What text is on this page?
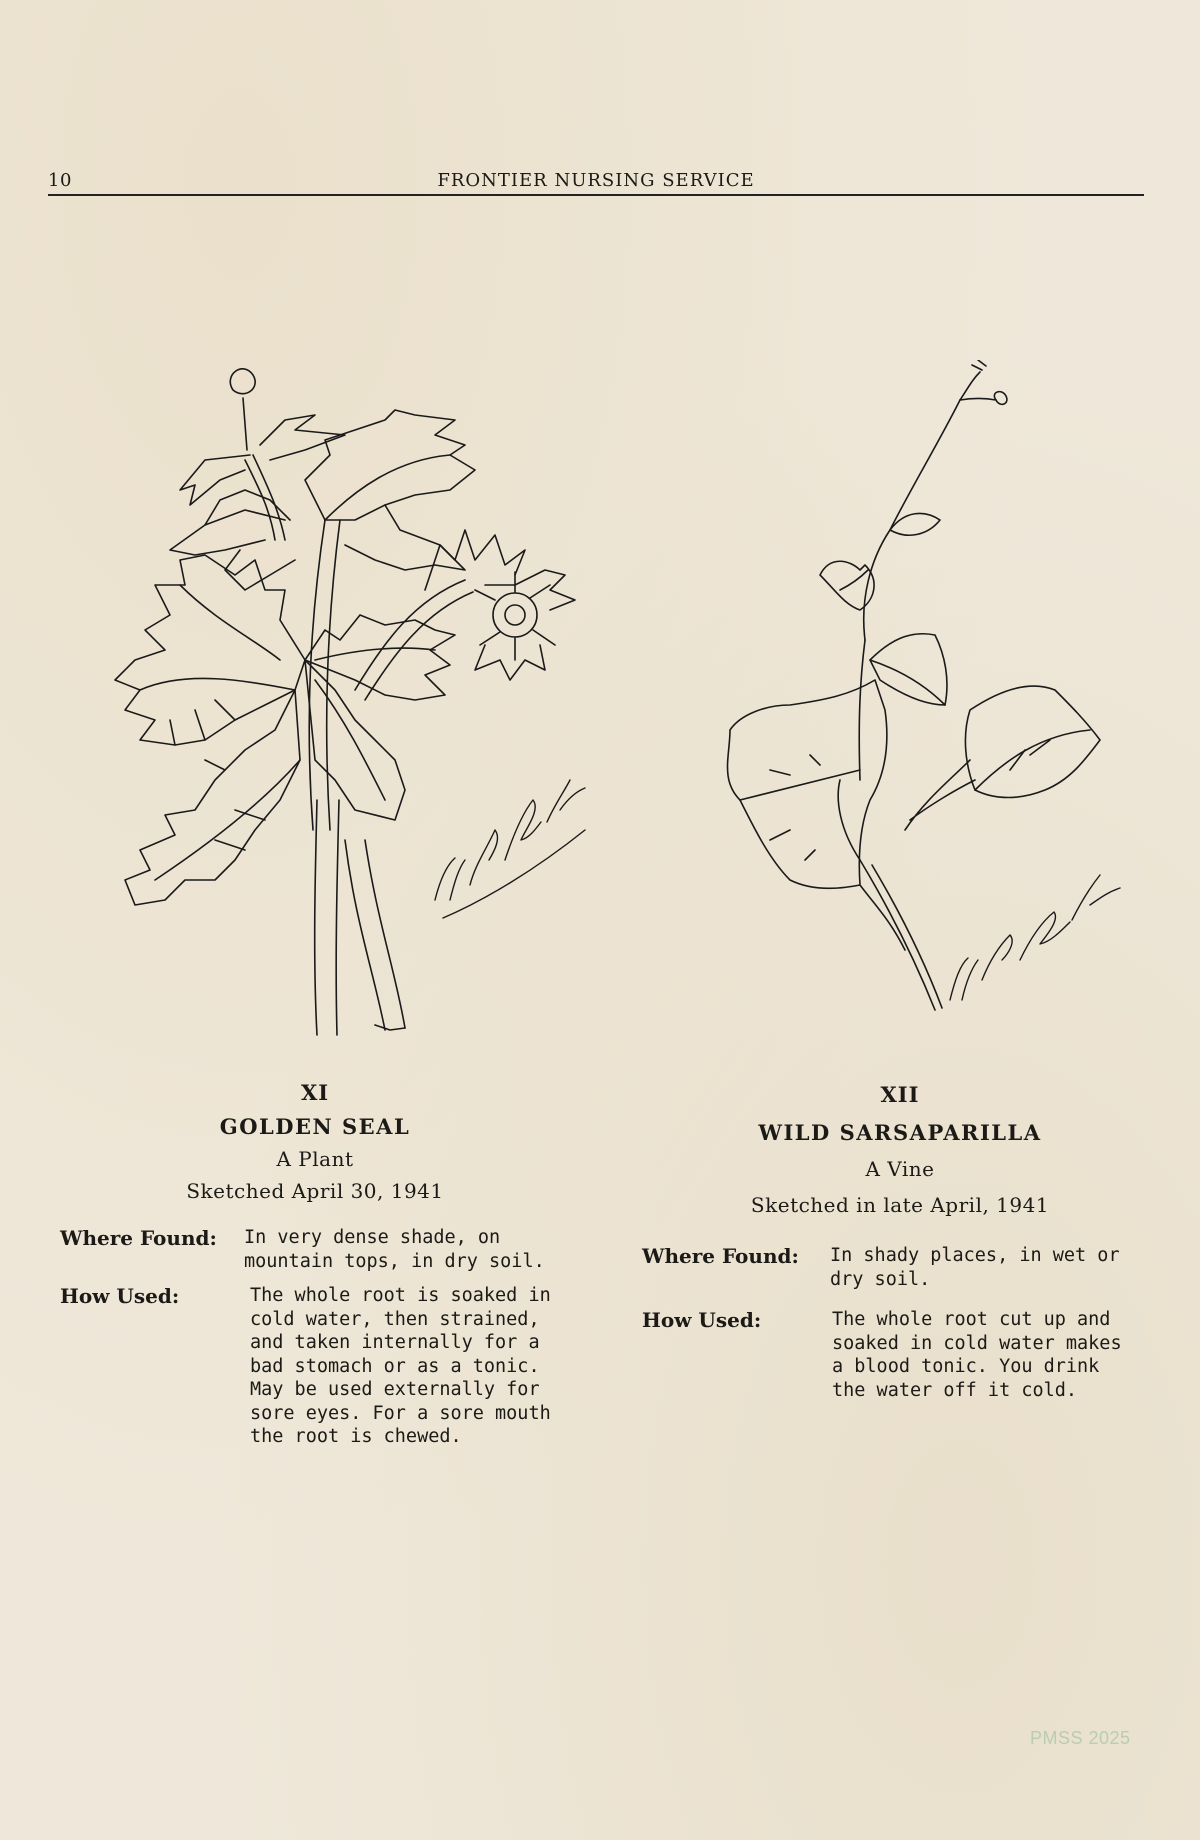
10	FRONTIER NURSING SERVICE
XI
GOLDEN SEAL
A Plant
Sketched April 30, 1941
Where Found: In very dense shade, on
mountain tops, in dry soil.
How Used:	The whole root is soaked in
cold water, then strained,
and taken internally for a
bad stomach or as a tonic.
May be used externally for
sore eyes. For a sore mouth
the root is chewed.
XII
WILD SARSAPARILLA
A Vine
Sketched in late April, 1941
Where Found: In shady places, in wet or
dry soil.
How Used:	The whole root cut up and
soaked in cold water makes
a blood tonic. You drink
the water off it cold.
PMSS 2025
